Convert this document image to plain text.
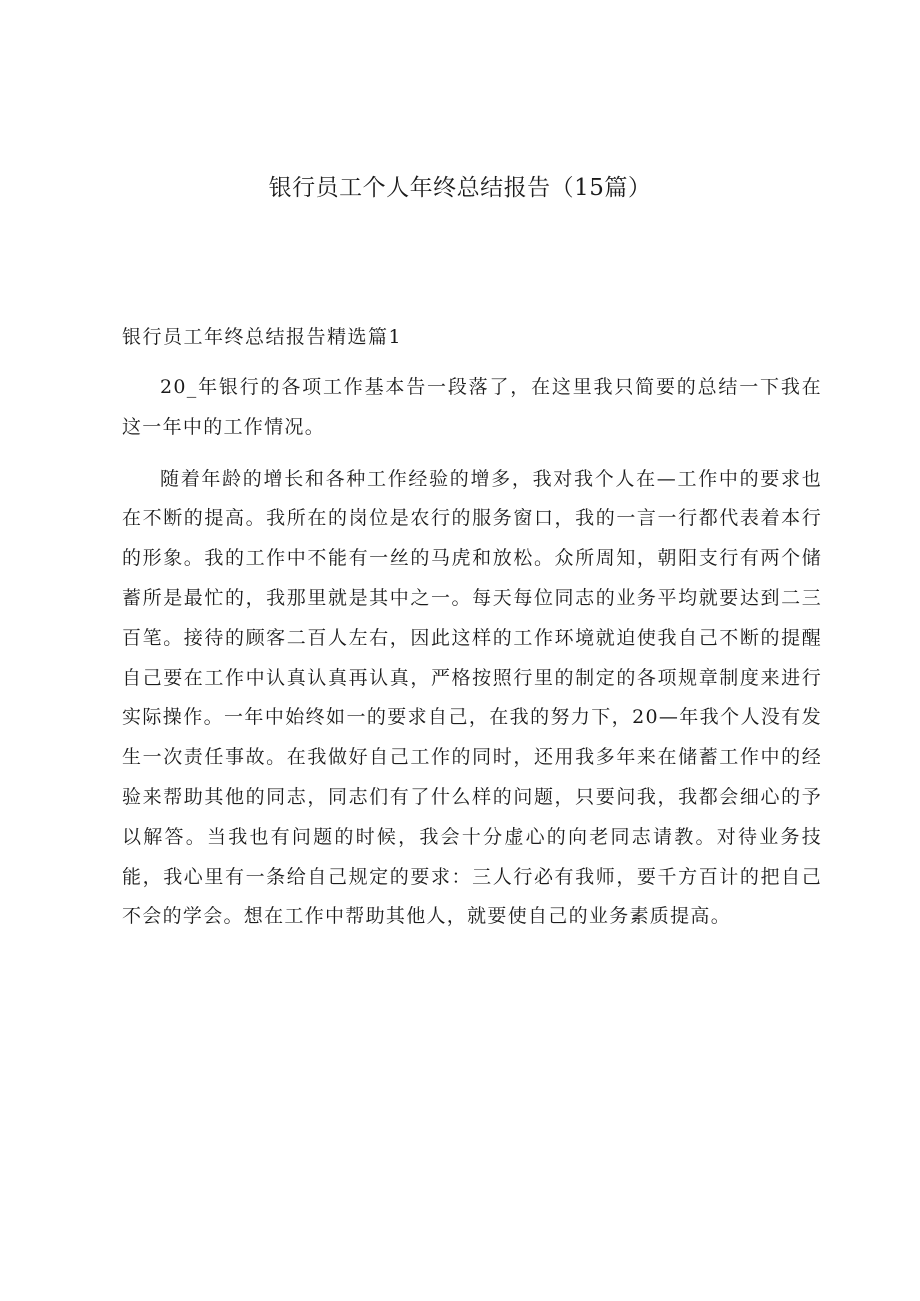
银行员工个人年终总结报告（15篇）
银行员工年终总结报告精选篇1

20_年银行的各项工作基本告一段落了，在这里我只简要的总结一下我在这一年中的工作情况。

随着年龄的增长和各种工作经验的增多，我对我个人在—工作中的要求也在不断的提高。我所在的岗位是农行的服务窗口，我的一言一行都代表着本行的形象。我的工作中不能有一丝的马虎和放松。众所周知，朝阳支行有两个储蓄所是最忙的，我那里就是其中之一。每天每位同志的业务平均就要达到二三百笔。接待的顾客二百人左右，因此这样的工作环境就迫使我自己不断的提醒自己要在工作中认真认真再认真，严格按照行里的制定的各项规章制度来进行实际操作。一年中始终如一的要求自己，在我的努力下，20—年我个人没有发生一次责任事故。在我做好自己工作的同时，还用我多年来在储蓄工作中的经验来帮助其他的同志，同志们有了什么样的问题，只要问我，我都会细心的予以解答。当我也有问题的时候，我会十分虚心的向老同志请教。对待业务技能，我心里有一条给自己规定的要求：三人行必有我师，要千方百计的把自己不会的学会。想在工作中帮助其他人，就要使自己的业务素质提高。
